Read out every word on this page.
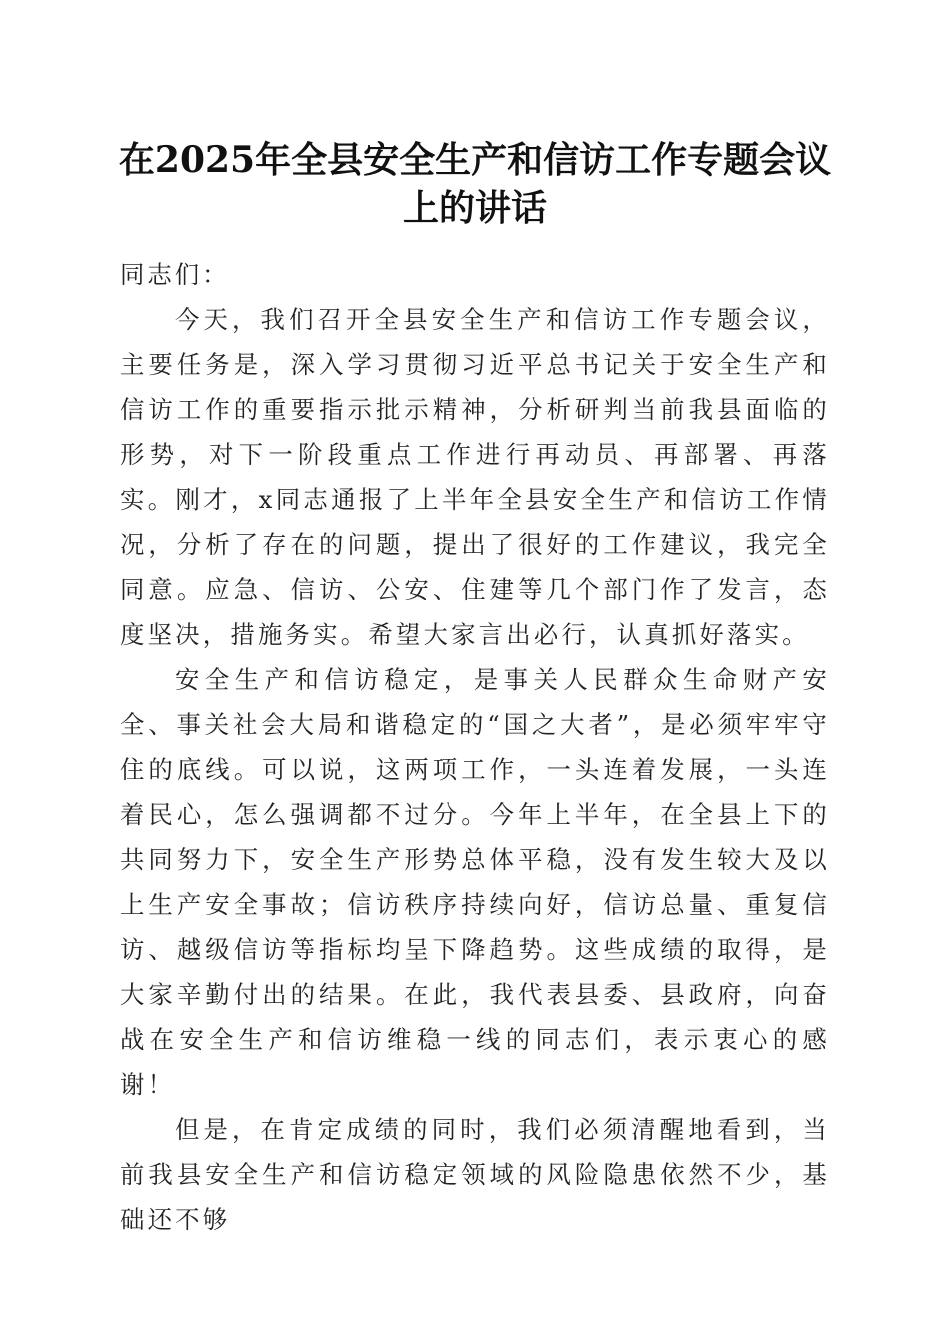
在2025年全县安全生产和信访工作专题会议
上的讲话

同志们：

今天，我们召开全县安全生产和信访工作专题会议，主要任务是，深入学习贯彻习近平总书记关于安全生产和信访工作的重要指示批示精神，分析研判当前我县面临的形势，对下一阶段重点工作进行再动员、再部署、再落实。刚才，x同志通报了上半年全县安全生产和信访工作情况，分析了存在的问题，提出了很好的工作建议，我完全同意。应急、信访、公安、住建等几个部门作了发言，态度坚决，措施务实。希望大家言出必行，认真抓好落实。

安全生产和信访稳定，是事关人民群众生命财产安全、事关社会大局和谐稳定的“国之大者”，是必须牢牢守住的底线。可以说，这两项工作，一头连着发展，一头连着民心，怎么强调都不过分。今年上半年，在全县上下的共同努力下，安全生产形势总体平稳，没有发生较大及以上生产安全事故；信访秩序持续向好，信访总量、重复信访、越级信访等指标均呈下降趋势。这些成绩的取得，是大家辛勤付出的结果。在此，我代表县委、县政府，向奋战在安全生产和信访维稳一线的同志们，表示衷心的感谢！

但是，在肯定成绩的同时，我们必须清醒地看到，当前我县安全生产和信访稳定领域的风险隐患依然不少，基础还不够
